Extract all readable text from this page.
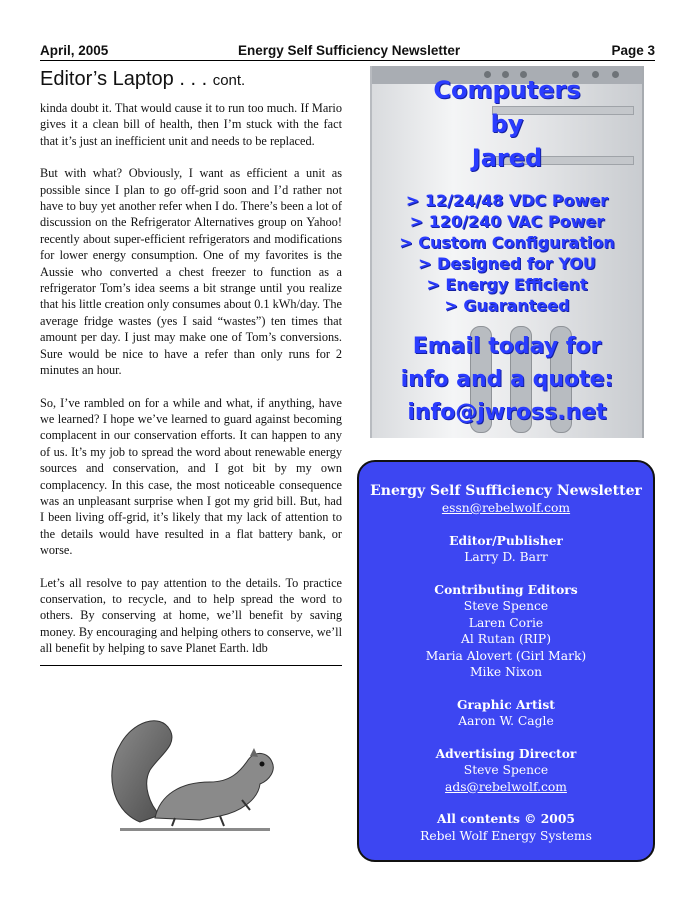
April, 2005	Energy Self Sufficiency Newsletter	Page 3
Editor’s Laptop . . . cont.

kinda doubt it. That would cause it to run too much. If Mario gives it a clean bill of health, then I’m stuck with the fact that it’s just an inefficient unit and needs to be replaced.

But with what? Obviously, I want as efficient a unit as possible since I plan to go off-grid soon and I’d rather not have to buy yet another refer when I do. There’s been a lot of discussion on the Refrigerator Alternatives group on Yahoo! recently about super-efficient refrigerators and modifications for lower energy consumption. One of my favorites is the Aussie who converted a chest freezer to function as a refrigerator Tom’s idea seems a bit strange until you realize that his little creation only consumes about 0.1 kWh/day. The average fridge wastes (yes I said “wastes”) ten times that amount per day. I just may make one of Tom’s conversions. Sure would be nice to have a refer than only runs for 2 minutes an hour.

So, I’ve rambled on for a while and what, if anything, have we learned? I hope we’ve learned to guard against becoming complacent in our conservation efforts. It can happen to any of us. It’s my job to spread the word about renewable energy sources and conservation, and I got bit by my own complacency. In this case, the most noticeable consequence was an unpleasant surprise when I got my grid bill. But, had I been living off-grid, it’s likely that my lack of attention to the details would have resulted in a flat battery bank, or worse.

Let’s all resolve to pay attention to the details. To practice conservation, to recycle, and to help spread the word to others. By conserving at home, we’ll benefit by saving money. By encouraging and helping others to conserve, we’ll all benefit by helping to save Planet Earth. ldb

Computers
by
Jared
> 12/24/48 VDC Power
> 120/240 VAC Power
> Custom Configuration
> Designed for YOU
> Energy Efficient
> Guaranteed
Email today for
info and a quote:
info@jwross.net
Energy Self Sufficiency Newsletter
essn@rebelwolf.com
Editor/Publisher
Larry D. Barr
Contributing Editors
Steve Spence
Laren Corie
Al Rutan (RIP)
Maria Alovert (Girl Mark)
Mike Nixon
Graphic Artist
Aaron W. Cagle
Advertising Director
Steve Spence
ads@rebelwolf.com
All contents © 2005
Rebel Wolf Energy Systems
